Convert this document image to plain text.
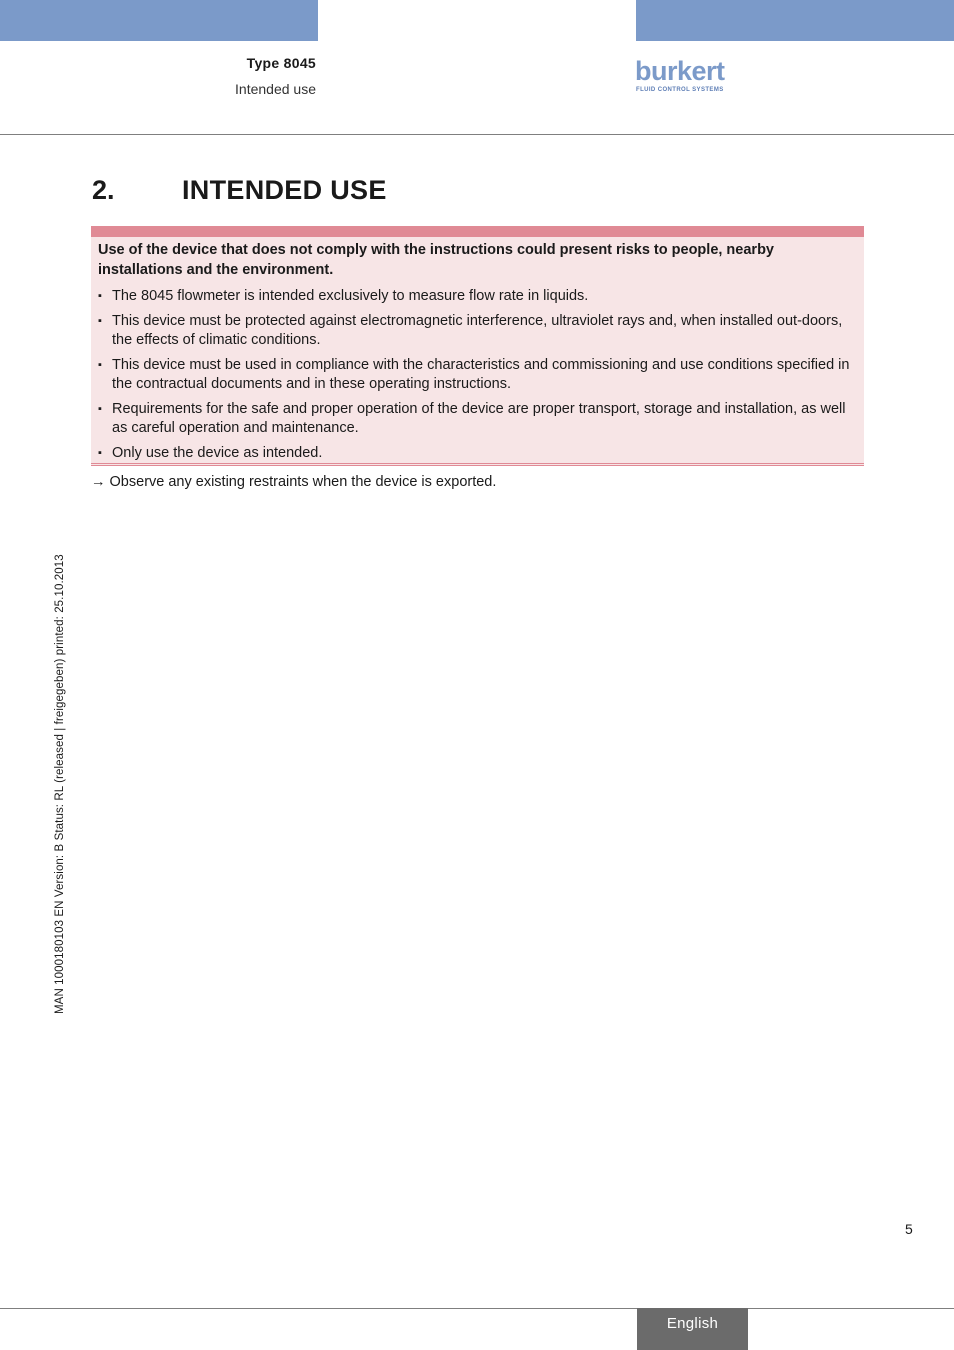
Type 8045
Intended use
burkert
FLUID CONTROL SYSTEMS
2. INTENDED USE
Use of the device that does not comply with the instructions could present risks to people, nearby installations and the environment.
▪ The 8045 flowmeter is intended exclusively to measure flow rate in liquids.
▪ This device must be protected against electromagnetic interference, ultraviolet rays and, when installed out-doors, the effects of climatic conditions.
▪ This device must be used in compliance with the characteristics and commissioning and use conditions specified in the contractual documents and in these operating instructions.
▪ Requirements for the safe and proper operation of the device are proper transport, storage and installation, as well as careful operation and maintenance.
▪ Only use the device as intended.
→ Observe any existing restraints when the device is exported.
MAN 1000180103 EN Version: B Status: RL (released | freigegeben) printed: 25.10.2013
5
English
